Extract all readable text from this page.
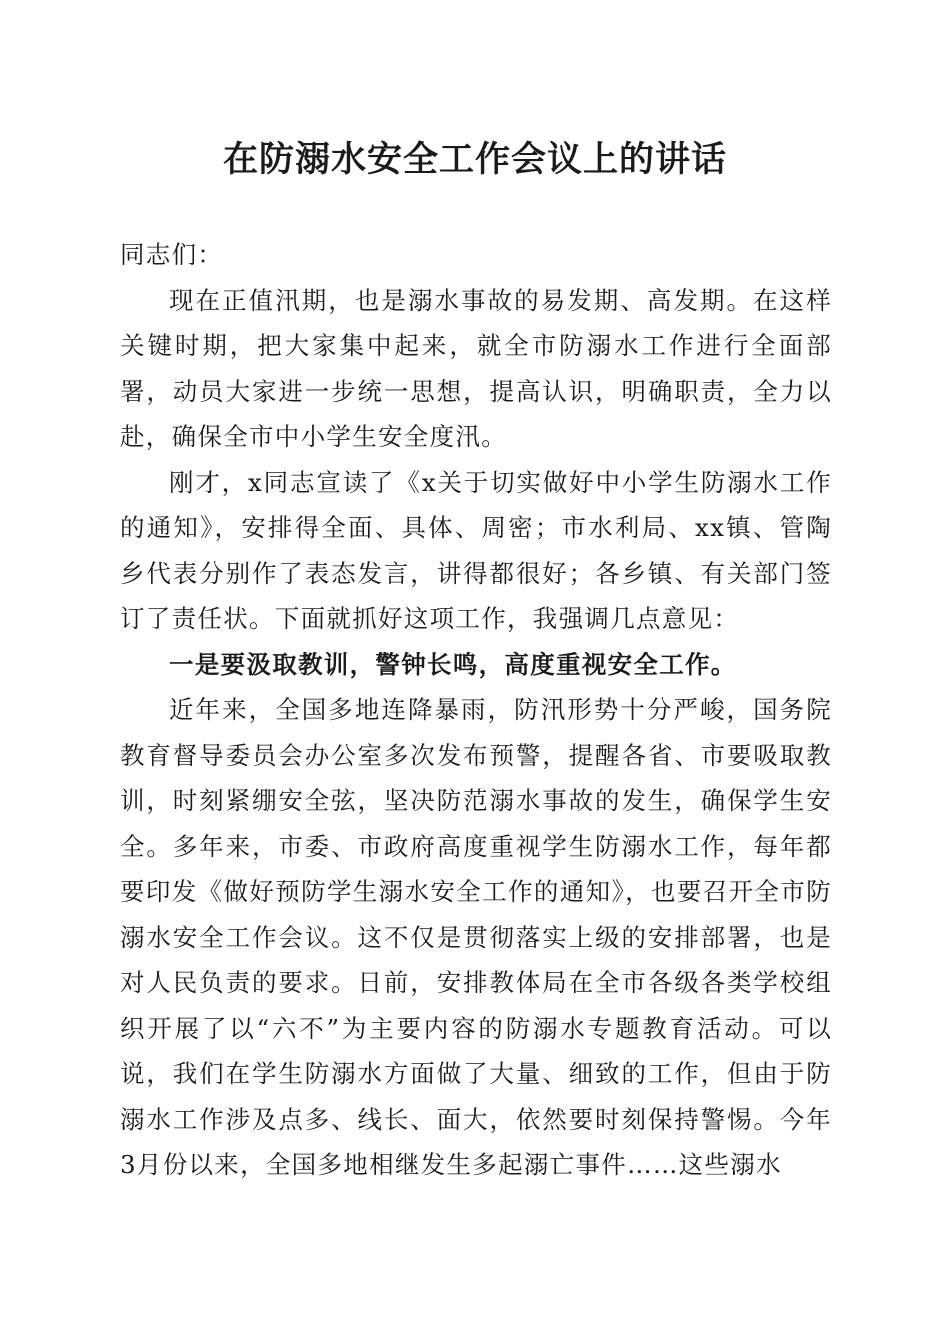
在防溺水安全工作会议上的讲话

同志们：

现在正值汛期，也是溺水事故的易发期、高发期。在这样关键时期，把大家集中起来，就全市防溺水工作进行全面部署，动员大家进一步统一思想，提高认识，明确职责，全力以赴，确保全市中小学生安全度汛。

刚才，x同志宣读了《x关于切实做好中小学生防溺水工作的通知》，安排得全面、具体、周密；市水利局、xx镇、管陶乡代表分别作了表态发言，讲得都很好；各乡镇、有关部门签订了责任状。下面就抓好这项工作，我强调几点意见：

一是要汲取教训，警钟长鸣，高度重视安全工作。

近年来，全国多地连降暴雨，防汛形势十分严峻，国务院教育督导委员会办公室多次发布预警，提醒各省、市要吸取教训，时刻紧绷安全弦，坚决防范溺水事故的发生，确保学生安全。多年来，市委、市政府高度重视学生防溺水工作，每年都要印发《做好预防学生溺水安全工作的通知》，也要召开全市防溺水安全工作会议。这不仅是贯彻落实上级的安排部署，也是对人民负责的要求。日前，安排教体局在全市各级各类学校组织开展了以“六不”为主要内容的防溺水专题教育活动。可以说，我们在学生防溺水方面做了大量、细致的工作，但由于防溺水工作涉及点多、线长、面大，依然要时刻保持警惕。今年3月份以来，全国多地相继发生多起溺亡事件……这些溺水
